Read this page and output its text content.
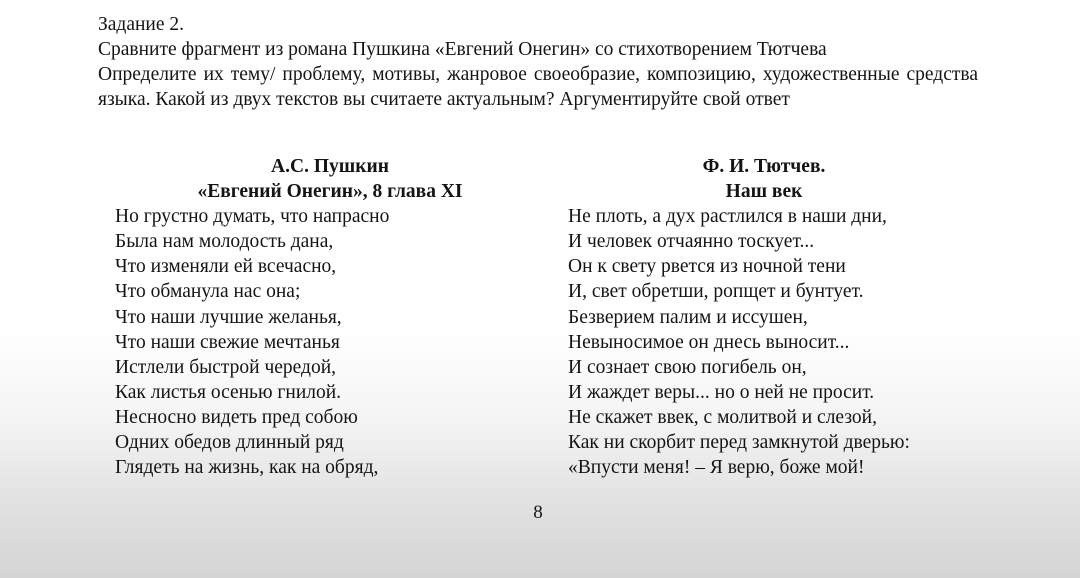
Задание 2.
Сравните фрагмент из романа Пушкина «Евгений Онегин» со стихотворением Тютчева
Определите их тему/ проблему, мотивы, жанровое своеобразие, композицию, художественные средства языка. Какой из двух текстов вы считаете актуальным? Аргументируйте свой ответ
А.С. Пушкин
«Евгений Онегин», 8 глава XI
Но грустно думать, что напрасно
Была нам молодость дана,
Что изменяли ей всечасно,
Что обманула нас она;
Что наши лучшие желанья,
Что наши свежие мечтанья
Истлели быстрой чередой,
Как листья осенью гнилой.
Несносно видеть пред собою
Одних обедов длинный ряд
Глядеть на жизнь, как на обряд,
Ф. И. Тютчев.
Наш век
Не плоть, а дух растлился в наши дни,
И человек отчаянно тоскует...
Он к свету рвется из ночной тени
И, свет обретши, ропщет и бунтует.
Безверием палим и иссушен,
Невыносимое он днесь выносит...
И сознает свою погибель он,
И жаждет веры... но о ней не просит.
Не скажет ввек, с молитвой и слезой,
Как ни скорбит перед замкнутой дверью:
«Впусти меня! – Я верю, боже мой!
8
